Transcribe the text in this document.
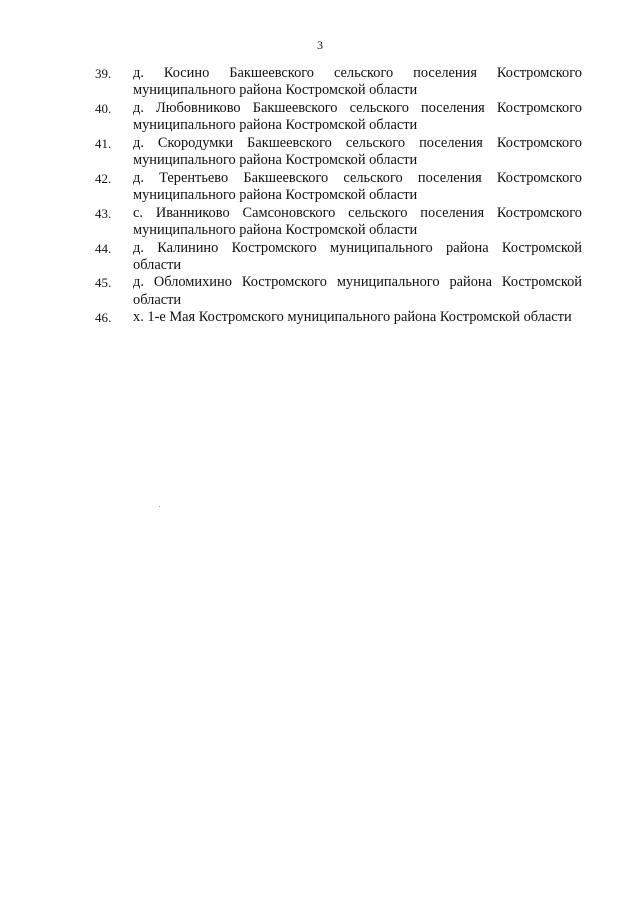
3
39.	д. Косино Бакшеевского сельского поселения Костромского муниципального района Костромской области
40.	д. Любовниково Бакшеевского сельского поселения Костромского муниципального района Костромской области
41.	д. Скородумки Бакшеевского сельского поселения Костромского муниципального района Костромской области
42.	д. Терентьево Бакшеевского сельского поселения Костромского муниципального района Костромской области
43.	с. Иванниково Самсоновского сельского поселения Костромского муниципального района Костромской области
44.	д. Калинино Костромского муниципального района Костромской области
45.	д. Обломихино Костромского муниципального района Костромской области
46.	х. 1-е Мая Костромского муниципального района Костромской области
